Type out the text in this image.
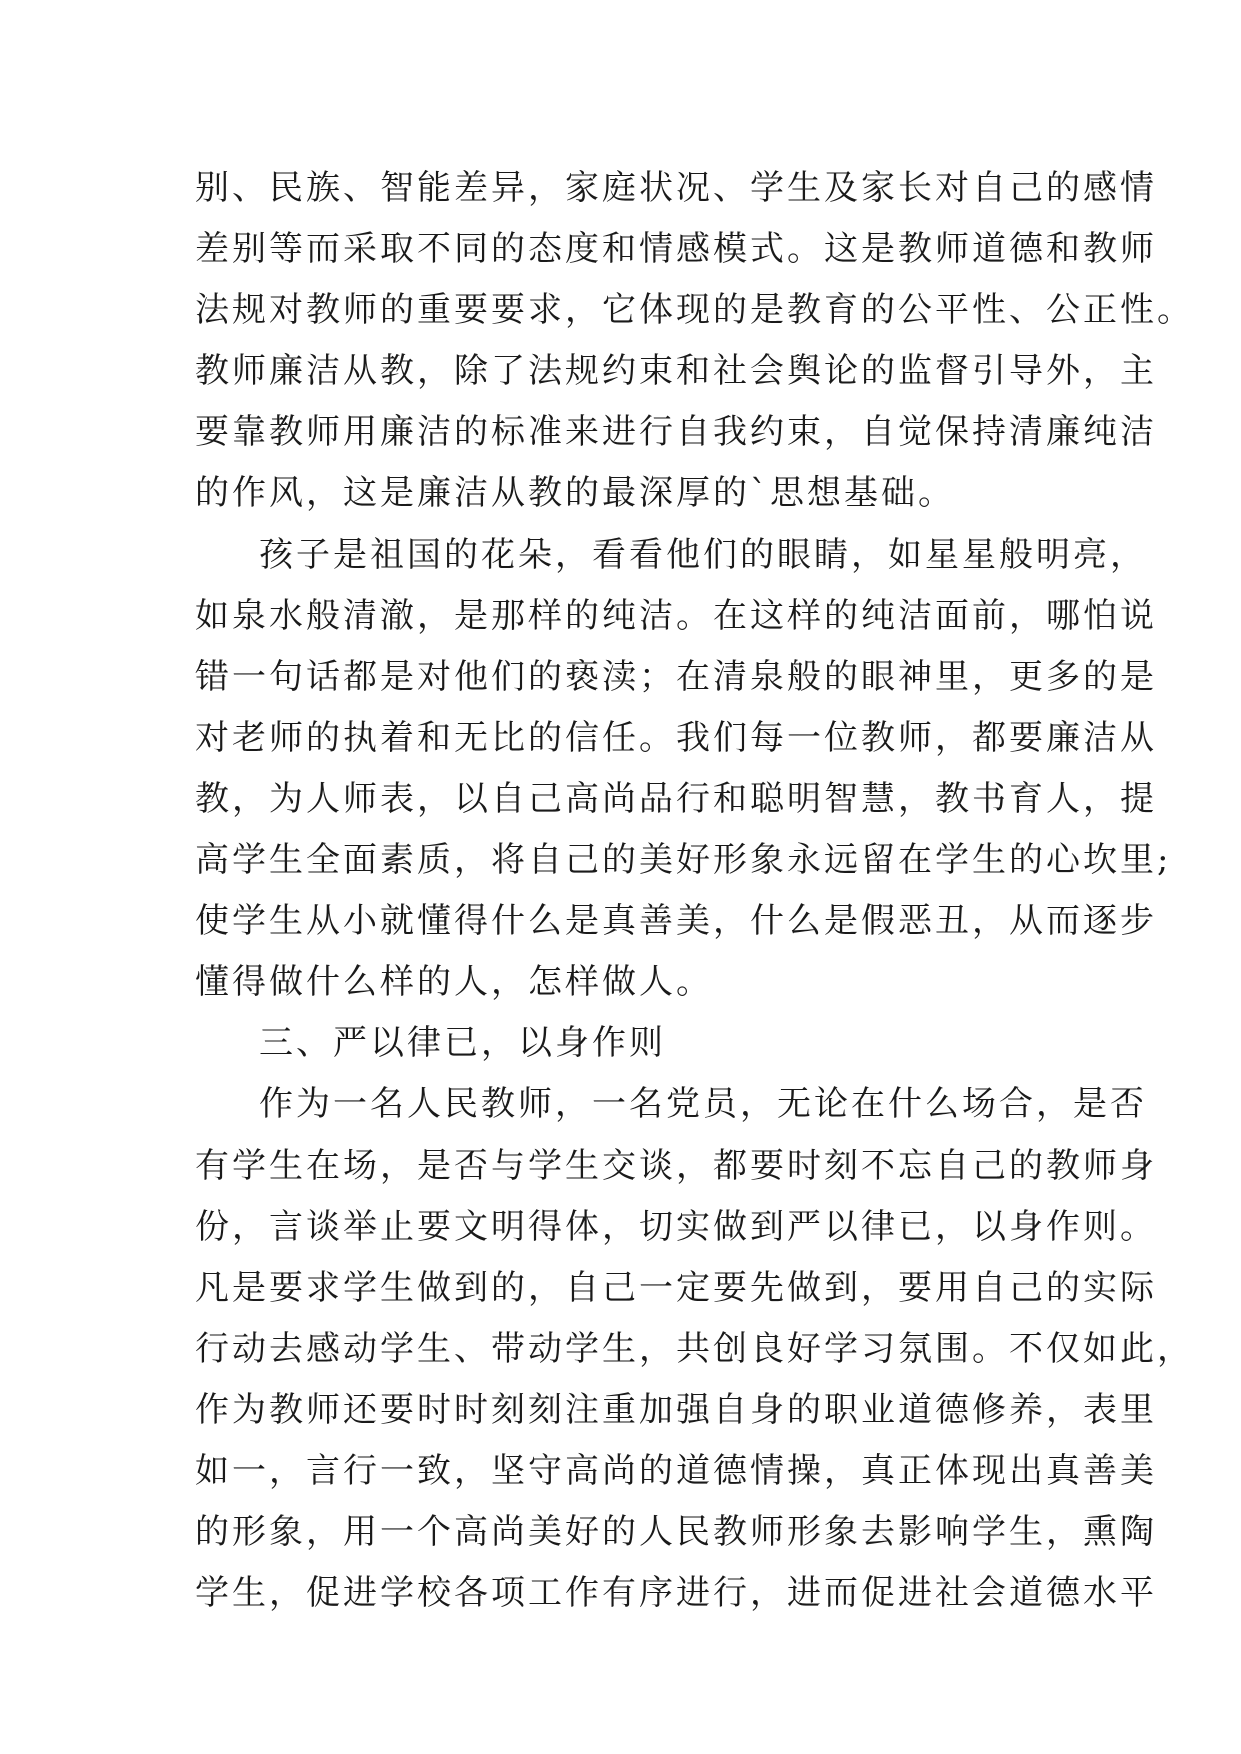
别、民族、智能差异，家庭状况、学生及家长对自己的感情
差别等而采取不同的态度和情感模式。这是教师道德和教师
法规对教师的重要要求，它体现的是教育的公平性、公正性。
教师廉洁从教，除了法规约束和社会舆论的监督引导外，主
要靠教师用廉洁的标准来进行自我约束，自觉保持清廉纯洁
的作风，这是廉洁从教的最深厚的`思想基础。
孩子是祖国的花朵，看看他们的眼睛，如星星般明亮，
如泉水般清澈，是那样的纯洁。在这样的纯洁面前，哪怕说
错一句话都是对他们的亵渎；在清泉般的眼神里，更多的是
对老师的执着和无比的信任。我们每一位教师，都要廉洁从
教，为人师表，以自己高尚品行和聪明智慧，教书育人，提
高学生全面素质，将自己的美好形象永远留在学生的心坎里;
使学生从小就懂得什么是真善美，什么是假恶丑，从而逐步
懂得做什么样的人，怎样做人。
三、严以律已，以身作则
作为一名人民教师，一名党员，无论在什么场合，是否
有学生在场，是否与学生交谈，都要时刻不忘自己的教师身
份，言谈举止要文明得体，切实做到严以律已，以身作则。
凡是要求学生做到的，自己一定要先做到，要用自己的实际
行动去感动学生、带动学生，共创良好学习氛围。不仅如此，
作为教师还要时时刻刻注重加强自身的职业道德修养，表里
如一，言行一致，坚守高尚的道德情操，真正体现出真善美
的形象，用一个高尚美好的人民教师形象去影响学生，熏陶
学生，促进学校各项工作有序进行，进而促进社会道德水平
